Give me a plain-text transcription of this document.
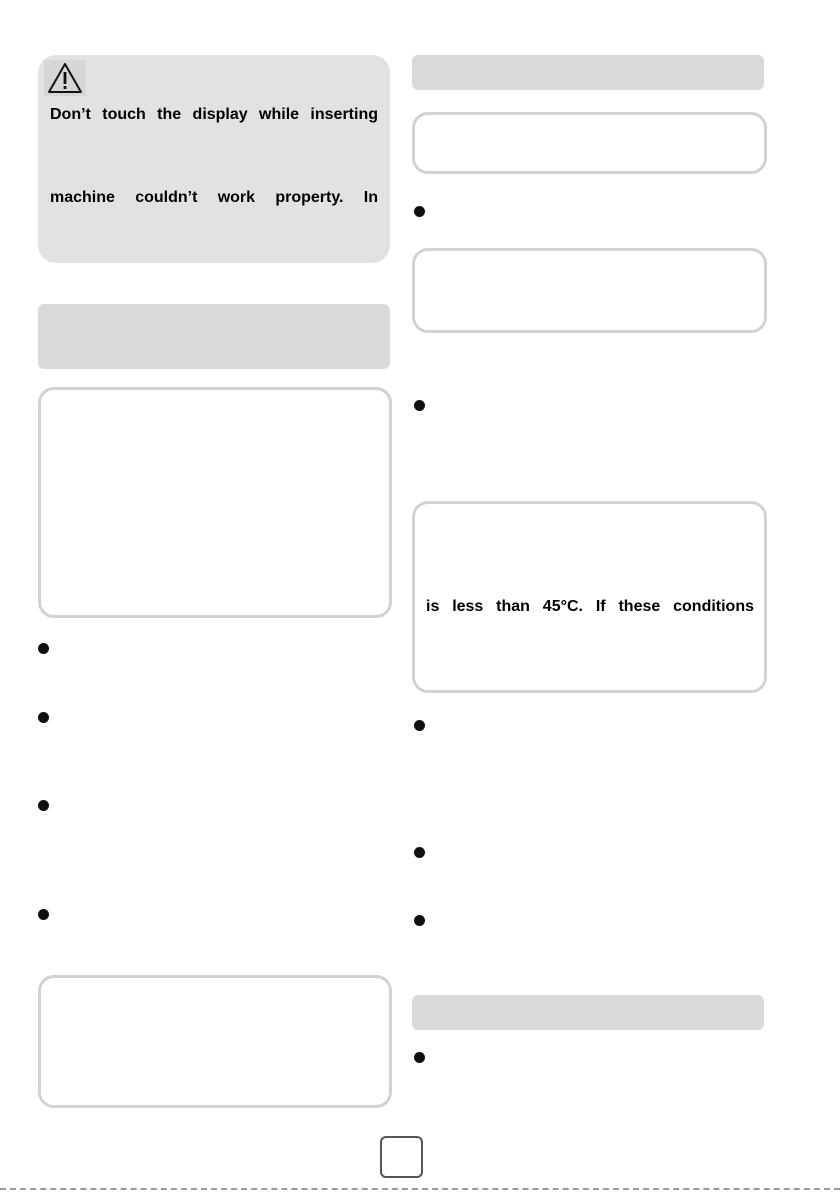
Don’t touch the display while inserting
machine couldn’t work property. In
is less than 45°C. If these conditions
